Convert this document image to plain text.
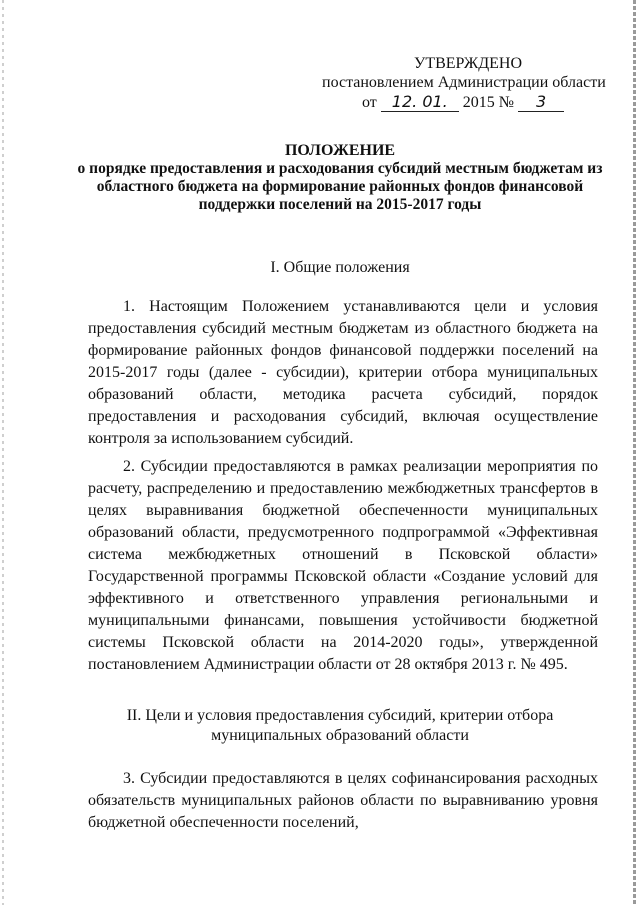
УТВЕРЖДЕНО
постановлением Администрации области
от 12. 01. 2015 № 3
ПОЛОЖЕНИЕ
о порядке предоставления и расходования субсидий местным бюджетам из областного бюджета на формирование районных фондов финансовой поддержки поселений на 2015-2017 годы
I. Общие положения
1. Настоящим Положением устанавливаются цели и условия предоставления субсидий местным бюджетам из областного бюджета на формирование районных фондов финансовой поддержки поселений на 2015-2017 годы (далее - субсидии), критерии отбора муниципальных образований области, методика расчета субсидий, порядок предоставления и расходования субсидий, включая осуществление контроля за использованием субсидий.
2. Субсидии предоставляются в рамках реализации мероприятия по расчету, распределению и предоставлению межбюджетных трансфертов в целях выравнивания бюджетной обеспеченности муниципальных образований области, предусмотренного подпрограммой «Эффективная система межбюджетных отношений в Псковской области» Государственной программы Псковской области «Создание условий для эффективного и ответственного управления региональными и муниципальными финансами, повышения устойчивости бюджетной системы Псковской области на 2014-2020 годы», утвержденной постановлением Администрации области от 28 октября 2013 г. № 495.
II. Цели и условия предоставления субсидий, критерии отбора муниципальных образований области
3. Субсидии предоставляются в целях софинансирования расходных обязательств муниципальных районов области по выравниванию уровня бюджетной обеспеченности поселений,
